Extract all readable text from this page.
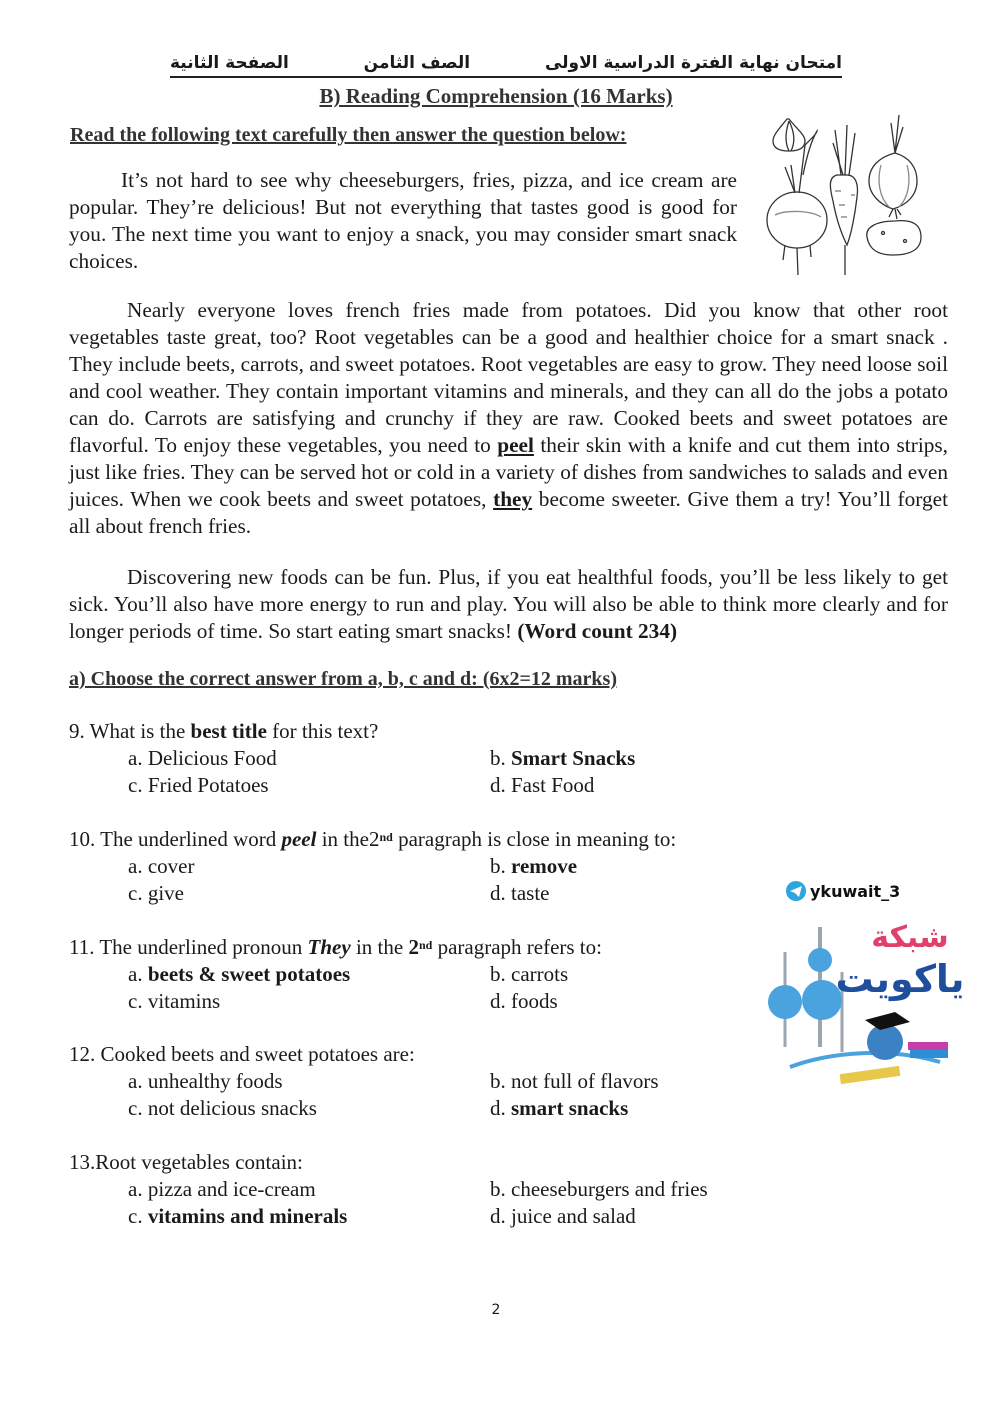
امتحان نهاية الفترة الدراسية الاولى
الصف الثامن
الصفحة الثانية
B) Reading Comprehension (16 Marks)
Read the following text carefully then answer the question below:
It’s not hard to see why cheeseburgers, fries, pizza, and ice cream are popular. They’re delicious! But not everything that tastes good is good for you. The next time you want to enjoy a snack, you may consider smart snack choices.
Nearly everyone loves french fries made from potatoes. Did you know that other root vegetables taste great, too? Root vegetables can be a good and healthier choice for a smart snack . They include beets, carrots, and sweet potatoes. Root vegetables are easy to grow. They need loose soil and cool weather. They contain important vitamins and minerals, and they can all do the jobs a potato can do. Carrots are satisfying and crunchy if they are raw. Cooked beets and sweet potatoes are flavorful. To enjoy these vegetables, you need to peel their skin with a knife and cut them into strips, just like fries. They can be served hot or cold in a variety of dishes from sandwiches to salads and even juices. When we cook beets and sweet potatoes, they become sweeter. Give them a try! You’ll forget all about french fries.
Discovering new foods can be fun. Plus, if you eat healthful foods, you’ll be less likely to get sick. You’ll also have more energy to run and play. You will also be able to think more clearly and for longer periods of time. So start eating smart snacks! (Word count 234)
a) Choose the correct answer from a, b, c and d: (6x2=12 marks)
9. What is the best title for this text?
a. Delicious Food	b. Smart Snacks
c. Fried Potatoes	d. Fast Food
10. The underlined word peel in the2nd paragraph is close in meaning to:
a. cover	b. remove
c. give	d. taste
11. The underlined pronoun They in the 2nd paragraph refers to:
a. beets & sweet potatoes	b. carrots
c. vitamins	d. foods
12. Cooked beets and sweet potatoes are:
a. unhealthy foods	b. not full of flavors
c. not delicious snacks	d. smart snacks
13.Root vegetables contain:
a. pizza and ice-cream	b. cheeseburgers and fries
c. vitamins and minerals	d. juice and salad
ykuwait_3
شبكة
ياكويت
2
